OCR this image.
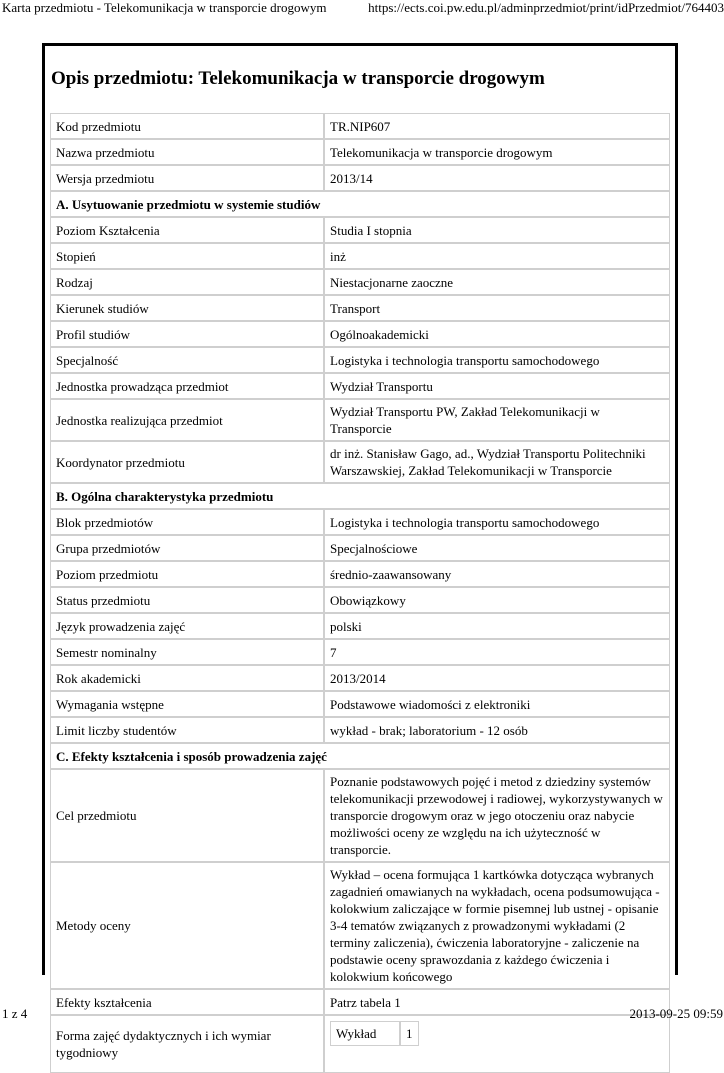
Karta przedmiotu - Telekomunikacja w transporcie drogowym	https://ects.coi.pw.edu.pl/adminprzedmiot/print/idPrzedmiot/764403
Opis przedmiotu: Telekomunikacja w transporcie drogowym
Kod przedmiotu	TR.NIP607
Nazwa przedmiotu	Telekomunikacja w transporcie drogowym
Wersja przedmiotu	2013/14
A. Usytuowanie przedmiotu w systemie studiów
Poziom Kształcenia	Studia I stopnia
Stopień	inż
Rodzaj	Niestacjonarne zaoczne
Kierunek studiów	Transport
Profil studiów	Ogólnoakademicki
Specjalność	Logistyka i technologia transportu samochodowego
Jednostka prowadząca przedmiot	Wydział Transportu
Jednostka realizująca przedmiot	Wydział Transportu PW, Zakład Telekomunikacji w Transporcie
Koordynator przedmiotu	dr inż. Stanisław Gago, ad., Wydział Transportu Politechniki Warszawskiej, Zakład Telekomunikacji w Transporcie
B. Ogólna charakterystyka przedmiotu
Blok przedmiotów	Logistyka i technologia transportu samochodowego
Grupa przedmiotów	Specjalnościowe
Poziom przedmiotu	średnio-zaawansowany
Status przedmiotu	Obowiązkowy
Język prowadzenia zajęć	polski
Semestr nominalny	7
Rok akademicki	2013/2014
Wymagania wstępne	Podstawowe wiadomości z elektroniki
Limit liczby studentów	wykład - brak; laboratorium - 12 osób
C. Efekty kształcenia i sposób prowadzenia zajęć
Cel przedmiotu	Poznanie podstawowych pojęć i metod z dziedziny systemów telekomunikacji przewodowej i radiowej, wykorzystywanych w transporcie drogowym oraz w jego otoczeniu oraz nabycie możliwości oceny ze względu na ich użyteczność w transporcie.
Metody oceny	Wykład – ocena formująca 1 kartkówka dotycząca wybranych zagadnień omawianych na wykładach, ocena podsumowująca - kolokwium zaliczające w formie pisemnej lub ustnej - opisanie 3-4 tematów związanych z prowadzonymi wykładami (2 terminy zaliczenia), ćwiczenia laboratoryjne - zaliczenie na podstawie oceny sprawozdania z każdego ćwiczenia i kolokwium końcowego
Efekty kształcenia	Patrz tabela 1
Forma zajęć dydaktycznych i ich wymiar tygodniowy	
Wykład	1
1 z 4	2013-09-25 09:59
